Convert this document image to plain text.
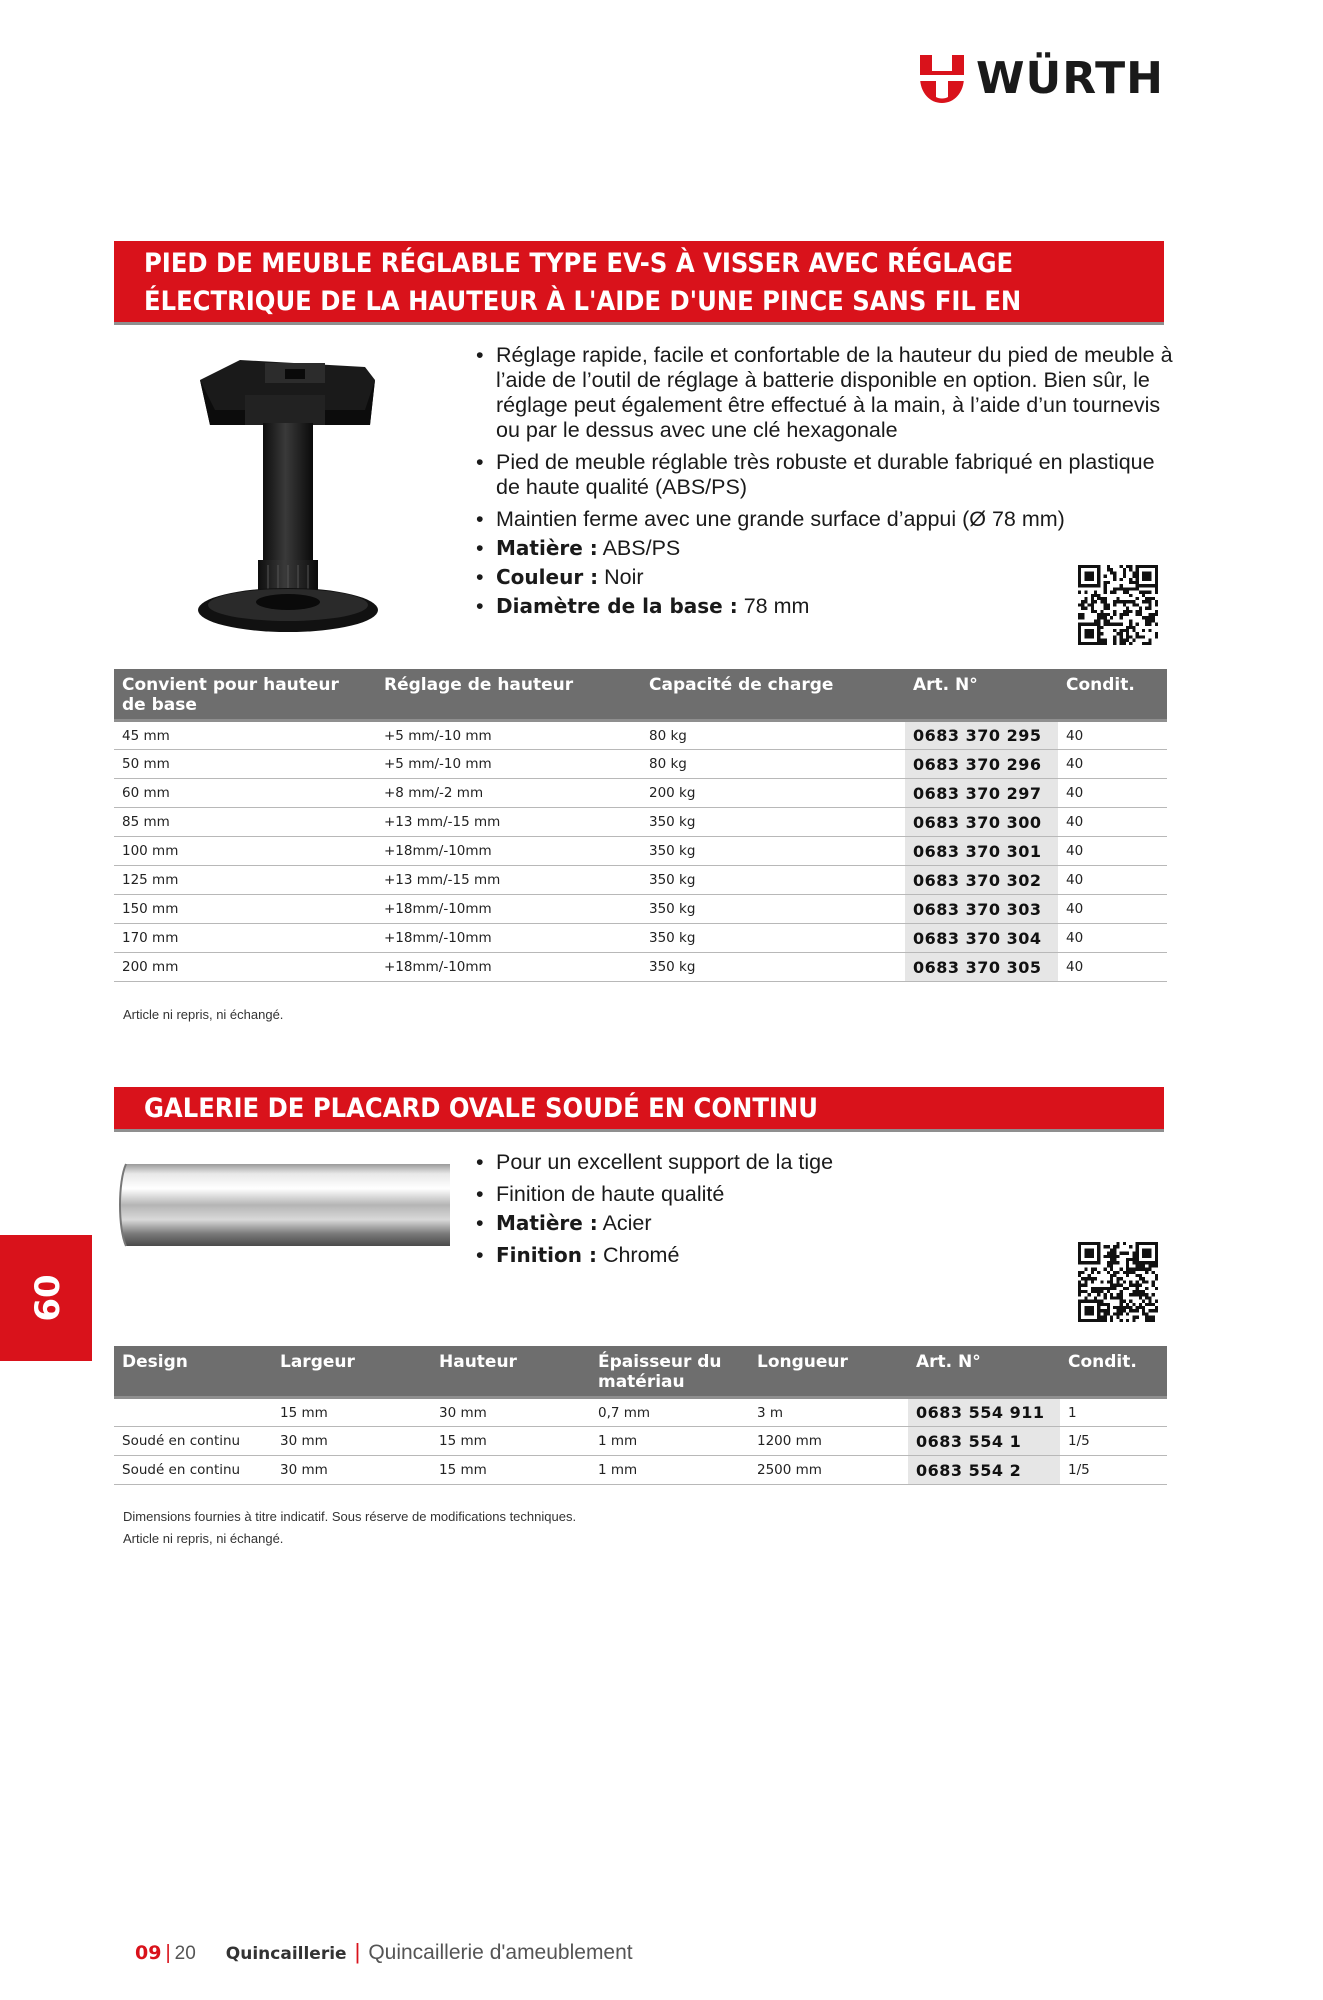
WÜRTH
PIED DE MEUBLE RÉGLABLE TYPE EV-S À VISSER AVEC RÉGLAGE ÉLECTRIQUE DE LA HAUTEUR À L'AIDE D'UNE PINCE SANS FIL EN OPTION	• Réglage rapide, facile et confortable de la hauteur du pied de meuble à l’aide de l’outil de réglage à batterie disponible en option. Bien sûr, le réglage peut également être effectué à la main, à l’aide d’un tournevis ou par le dessus avec une clé hexagonale
• Pied de meuble réglable très robuste et durable fabriqué en plastique de haute qualité (ABS/PS)
• Maintien ferme avec une grande surface d’appui (Ø 78 mm)
• Matière : ABS/PS
• Couleur : Noir
• Diamètre de la base : 78 mm
Convient pour hauteur de base	Réglage de hauteur	Capacité de charge	Art. N°	Condit.
45 mm	+5 mm/-10 mm	80 kg	0683 370 295	40
50 mm	+5 mm/-10 mm	80 kg	0683 370 296	40
60 mm	+8 mm/-2 mm	200 kg	0683 370 297	40
85 mm	+13 mm/-15 mm	350 kg	0683 370 300	40
100 mm	+18mm/-10mm	350 kg	0683 370 301	40
125 mm	+13 mm/-15 mm	350 kg	0683 370 302	40
150 mm	+18mm/-10mm	350 kg	0683 370 303	40
170 mm	+18mm/-10mm	350 kg	0683 370 304	40
200 mm	+18mm/-10mm	350 kg	0683 370 305	40
Article ni repris, ni échangé.
GALERIE DE PLACARD OVALE SOUDÉ EN CONTINU
• Pour un excellent support de la tige
• Finition de haute qualité
• Matière : Acier
• Finition : Chromé
Design	Largeur	Hauteur	Épaisseur du matériau	Longueur	Art. N°	Condit.
	15 mm	30 mm	0,7 mm	3 m	0683 554 911	1
Soudé en continu	30 mm	15 mm	1 mm	1200 mm	0683 554 1	1/5
Soudé en continu	30 mm	15 mm	1 mm	2500 mm	0683 554 2	1/5
Dimensions fournies à titre indicatif. Sous réserve de modifications techniques.
Article ni repris, ni échangé.
09
09 | 20 Quincaillerie | Quincaillerie d'ameublement
